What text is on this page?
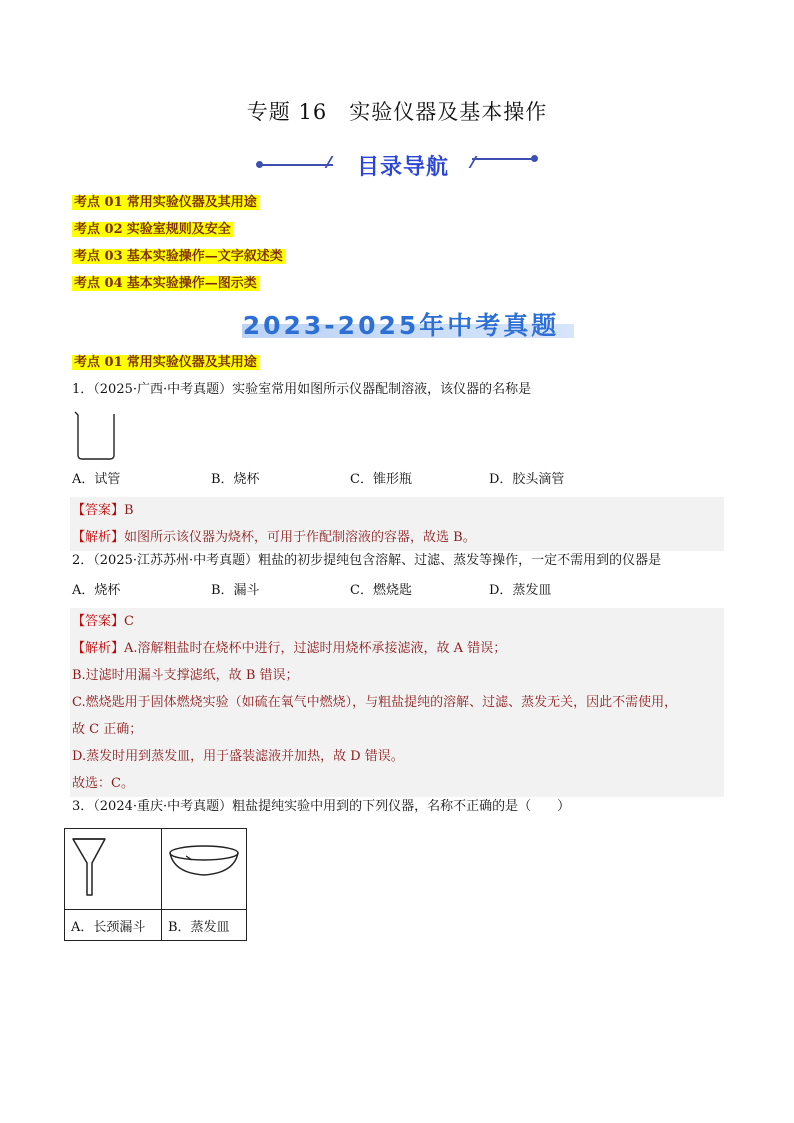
专题 16　实验仪器及基本操作
目录导航
考点 01 常用实验仪器及其用途
考点 02 实验室规则及安全
考点 03 基本实验操作—文字叙述类
考点 04 基本实验操作—图示类
2023-2025年中考真题
考点 01 常用实验仪器及其用途
1．（2025·广西·中考真题）实验室常用如图所示仪器配制溶液，该仪器的名称是
A．试管	B．烧杯	C．锥形瓶	D．胶头滴管
【答案】B
【解析】如图所示该仪器为烧杯，可用于作配制溶液的容器，故选 B。
2．（2025·江苏苏州·中考真题）粗盐的初步提纯包含溶解、过滤、蒸发等操作，一定不需用到的仪器是
A．烧杯	B．漏斗	C．燃烧匙	D．蒸发皿
【答案】C
【解析】A.溶解粗盐时在烧杯中进行，过滤时用烧杯承接滤液，故 A 错误；
B.过滤时用漏斗支撑滤纸，故 B 错误；
C.燃烧匙用于固体燃烧实验（如硫在氧气中燃烧），与粗盐提纯的溶解、过滤、蒸发无关，因此不需使用，
故 C 正确；
D.蒸发时用到蒸发皿，用于盛装滤液并加热，故 D 错误。
故选：C。
3．（2024·重庆·中考真题）粗盐提纯实验中用到的下列仪器，名称不正确的是（　　）

A．长颈漏斗	B．蒸发皿
